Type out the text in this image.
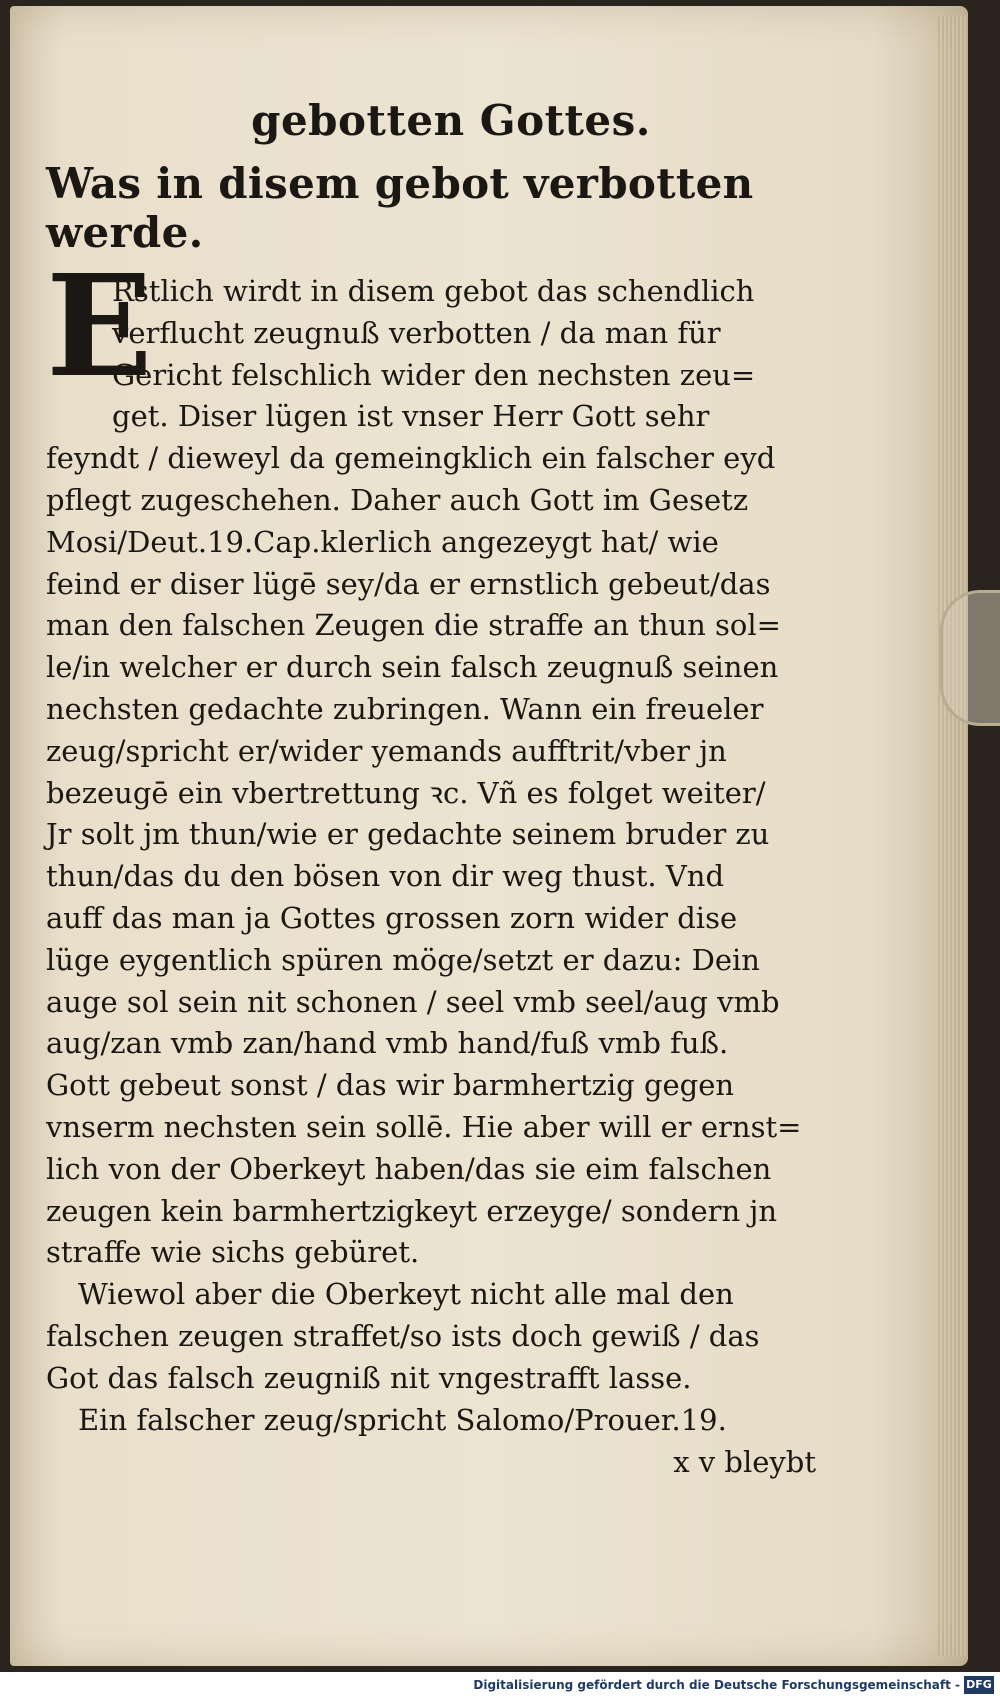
gebotten Gottes.
Was in disem gebot verbotten werde.
E
Rstlich wirdt in disem gebot das schendlich
verflucht zeugnuß verbotten / da man für
Gericht felschlich wider den nechsten zeu=
get. Diser lügen ist vnser Herr Gott sehr
feyndt / dieweyl da gemeingklich ein falscher eyd
pflegt zugeschehen. Daher auch Gott im Gesetz
Mosi/Deut.19.Cap.klerlich angezeygt hat/ wie
feind er diser lügē sey/da er ernstlich gebeut/das
man den falschen Zeugen die straffe an thun sol=
le/in welcher er durch sein falsch zeugnuß seinen
nechsten gedachte zubringen. Wann ein freueler
zeug/spricht er/wider yemands aufftrit/vber jn
bezeugē ein vbertrettung ꝛc. Vñ es folget weiter/
Jr solt jm thun/wie er gedachte seinem bruder zu
thun/das du den bösen von dir weg thust. Vnd
auff das man ja Gottes grossen zorn wider dise
lüge eygentlich spüren möge/setzt er dazu: Dein
auge sol sein nit schonen / seel vmb seel/aug vmb
aug/zan vmb zan/hand vmb hand/fuß vmb fuß.
Gott gebeut sonst / das wir barmhertzig gegen
vnserm nechsten sein sollē. Hie aber will er ernst=
lich von der Oberkeyt haben/das sie eim falschen
zeugen kein barmhertzigkeyt erzeyge/ sondern jn
straffe wie sichs gebüret.
Wiewol aber die Oberkeyt nicht alle mal den
falschen zeugen straffet/so ists doch gewiß / das
Got das falsch zeugniß nit vngestrafft lasse.
Ein falscher zeug/spricht Salomo/Prouer.19.
x v bleybt
Digitalisierung gefördert durch die Deutsche Forschungsgemeinschaft - DFG
